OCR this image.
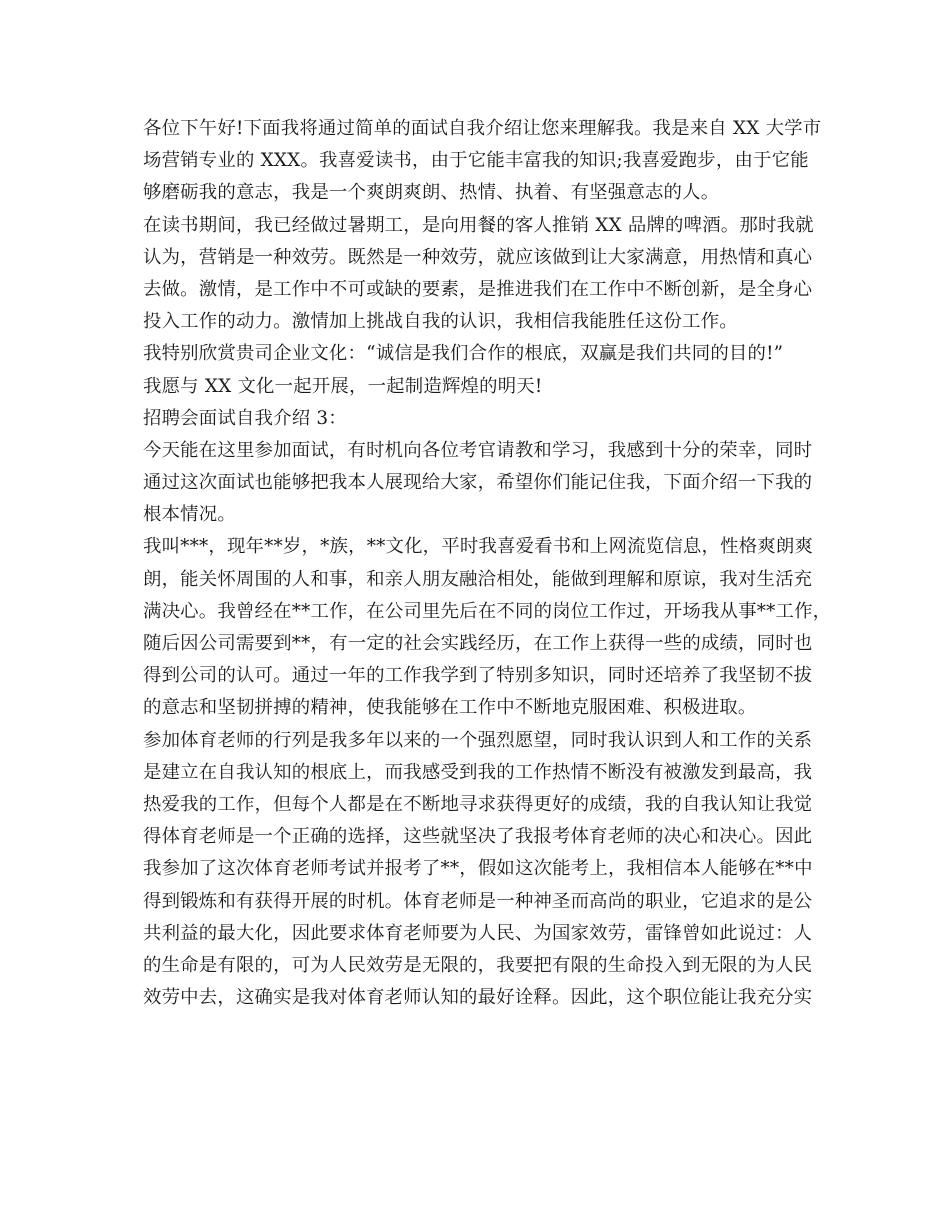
各位下午好!下面我将通过简单的面试自我介绍让您来理解我。我是来自 XX 大学市
场营销专业的 XXX。我喜爱读书，由于它能丰富我的知识;我喜爱跑步，由于它能
够磨砺我的意志，我是一个爽朗爽朗、热情、执着、有坚强意志的人。
在读书期间，我已经做过暑期工，是向用餐的客人推销 XX 品牌的啤酒。那时我就
认为，营销是一种效劳。既然是一种效劳，就应该做到让大家满意，用热情和真心
去做。激情，是工作中不可或缺的要素，是推进我们在工作中不断创新，是全身心
投入工作的动力。激情加上挑战自我的认识，我相信我能胜任这份工作。
我特别欣赏贵司企业文化：“诚信是我们合作的根底，双赢是我们共同的目的!”
我愿与 XX 文化一起开展，一起制造辉煌的明天!
招聘会面试自我介绍 3：
今天能在这里参加面试，有时机向各位考官请教和学习，我感到十分的荣幸，同时
通过这次面试也能够把我本人展现给大家，希望你们能记住我，下面介绍一下我的
根本情况。
我叫***，现年**岁，*族，**文化，平时我喜爱看书和上网流览信息，性格爽朗爽
朗，能关怀周围的人和事，和亲人朋友融洽相处，能做到理解和原谅，我对生活充
满决心。我曾经在**工作，在公司里先后在不同的岗位工作过，开场我从事**工作，
随后因公司需要到**，有一定的社会实践经历，在工作上获得一些的成绩，同时也
得到公司的认可。通过一年的工作我学到了特别多知识，同时还培养了我坚韧不拔
的意志和坚韧拼搏的精神，使我能够在工作中不断地克服困难、积极进取。
参加体育老师的行列是我多年以来的一个强烈愿望，同时我认识到人和工作的关系
是建立在自我认知的根底上，而我感受到我的工作热情不断没有被激发到最高，我
热爱我的工作，但每个人都是在不断地寻求获得更好的成绩，我的自我认知让我觉
得体育老师是一个正确的选择，这些就坚决了我报考体育老师的决心和决心。因此
我参加了这次体育老师考试并报考了**，假如这次能考上，我相信本人能够在**中
得到锻炼和有获得开展的时机。体育老师是一种神圣而高尚的职业，它追求的是公
共利益的最大化，因此要求体育老师要为人民、为国家效劳，雷锋曾如此说过：人
的生命是有限的，可为人民效劳是无限的，我要把有限的生命投入到无限的为人民
效劳中去，这确实是我对体育老师认知的最好诠释。因此，这个职位能让我充分实
